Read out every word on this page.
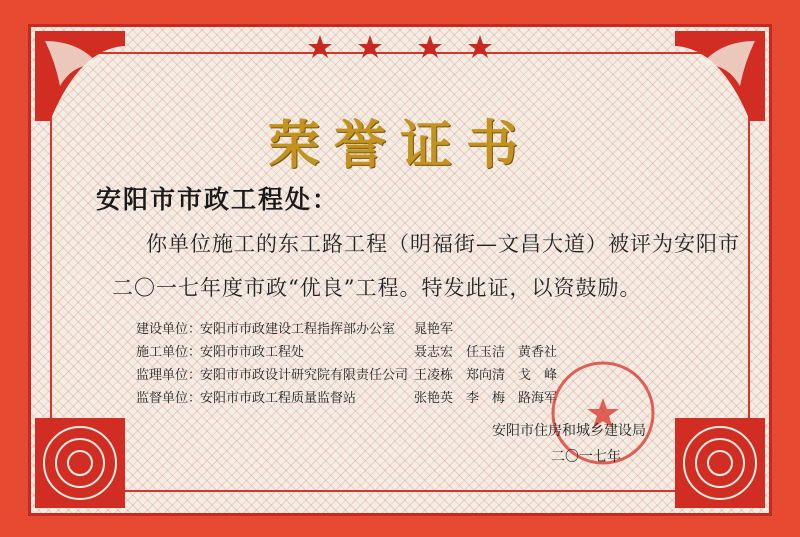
荣誉证书
安阳市市政工程处：
你单位施工的东工路工程（明福街—文昌大道）被评为安阳市
二〇一七年度市政“优良”工程。特发此证，以资鼓励。
建设单位：
安阳市市政建设工程指挥部办公室	晁艳军
施工单位：
安阳市市政工程处	聂志宏　任玉洁　黄香社
监理单位：
安阳市市政设计研究院有限责任公司 王凌栋　郑向清　戈　峰
监督单位：
安阳市市政工程质量监督站	张艳英　李　梅　路海军
安阳市住房和城乡建设局
二〇一七年
